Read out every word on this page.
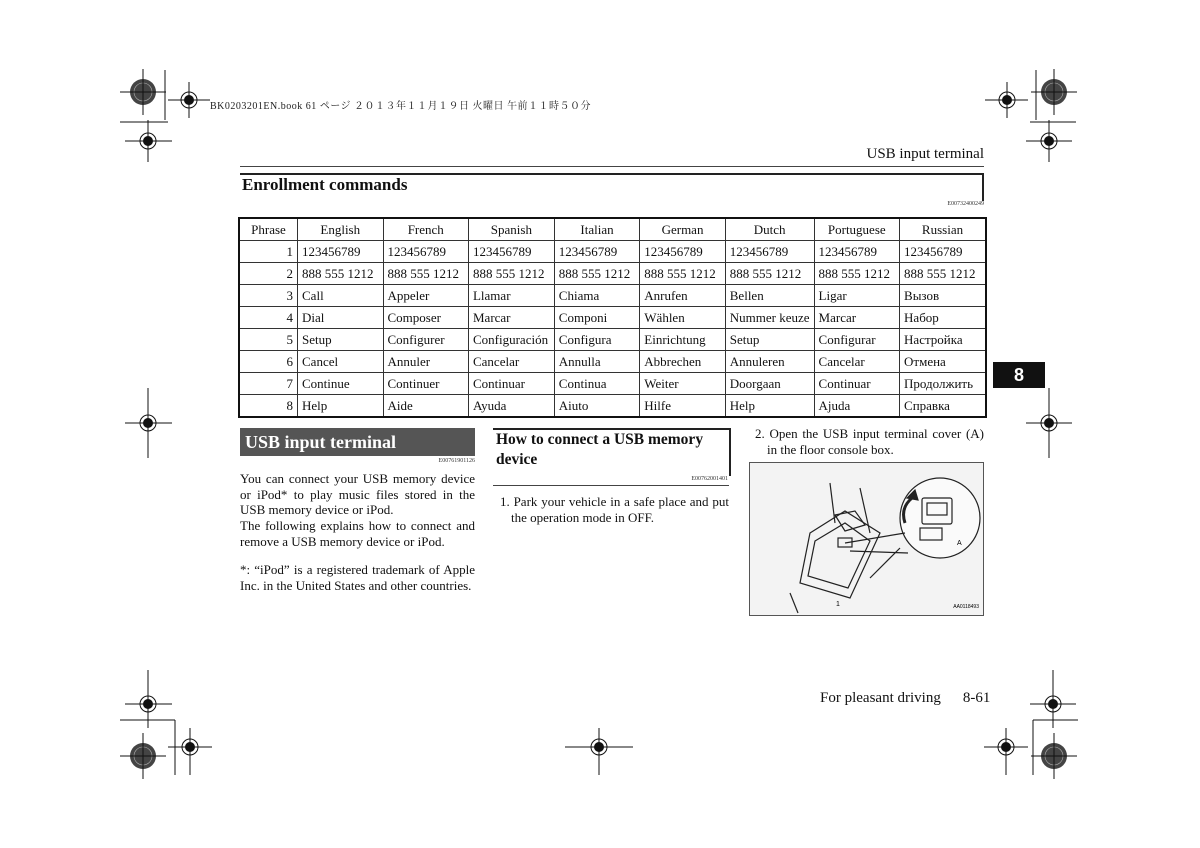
BK0203201EN.book 61 ページ ２０１３年１１月１９日 火曜日 午前１１時５０分
USB input terminal
Enrollment commands
E00732400249
Phrase	English	French	Spanish	Italian	German	Dutch	Portuguese	Russian
1	123456789	123456789	123456789	123456789	123456789	123456789	123456789	123456789
2	888 555 1212	888 555 1212	888 555 1212	888 555 1212	888 555 1212	888 555 1212	888 555 1212	888 555 1212
3	Call	Appeler	Llamar	Chiama	Anrufen	Bellen	Ligar	Вызов
4	Dial	Composer	Marcar	Componi	Wählen	Nummer keuze	Marcar	Набор
5	Setup	Configurer	Configuración	Configura	Einrichtung	Setup	Configurar	Настройка
6	Cancel	Annuler	Cancelar	Annulla	Abbrechen	Annuleren	Cancelar	Отмена
7	Continue	Continuer	Continuar	Continua	Weiter	Doorgaan	Continuar	Продолжить
8	Help	Aide	Ayuda	Aiuto	Hilfe	Help	Ajuda	Справка
8
USB input terminal
E00761901126
You can connect your USB memory device or iPod* to play music files stored in the USB memory device or iPod.
The following explains how to connect and remove a USB memory device or iPod.
*: “iPod” is a registered trademark of Apple Inc. in the United States and other countries.
How to connect a USB memory device
E00762001401
1. Park your vehicle in a safe place and put the operation mode in OFF.
2. Open the USB input terminal cover (A) in the floor console box.
A
1	AA0118493
For pleasant driving 8-61
